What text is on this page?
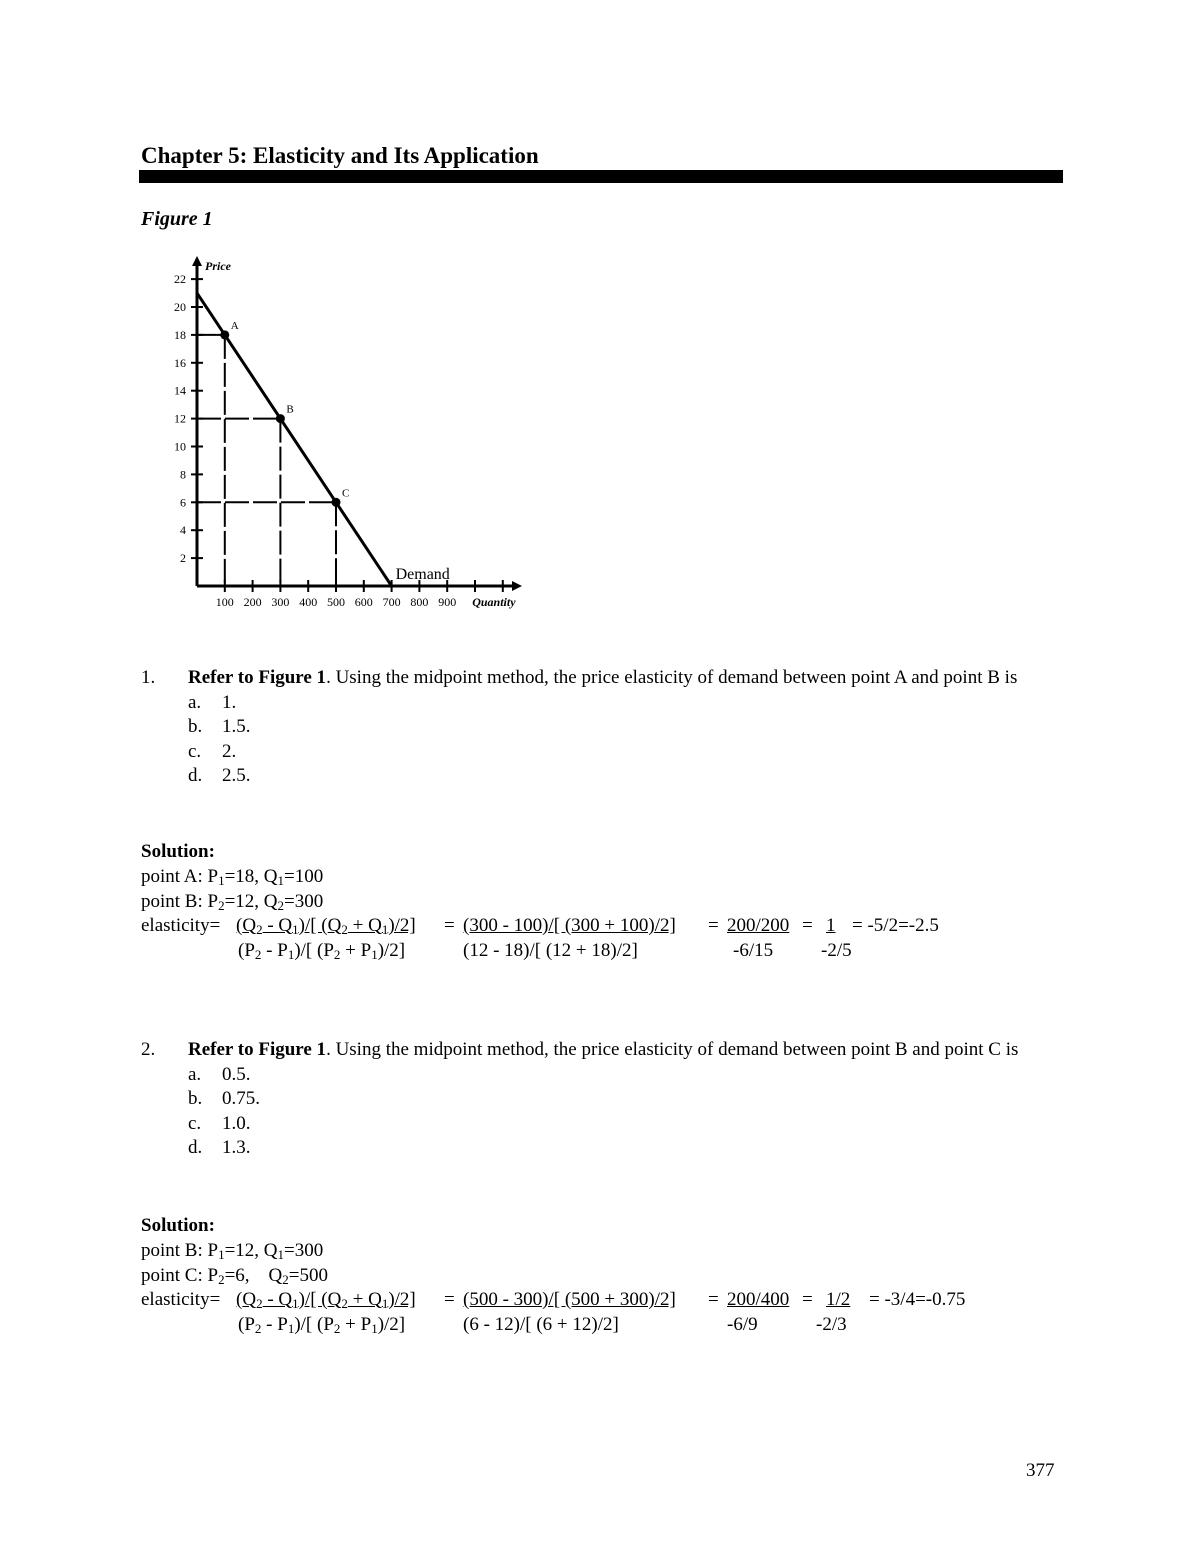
Chapter 5: Elasticity and Its Application
Figure 1
2
4
6
8
10
12
14
16
18
20
22
100 200 300 400 500 600 700 800 900
Price
Quantity
A
B
C
Demand
1. Refer to Figure 1. Using the midpoint method, the price elasticity of demand between point A and point B is
a. 1.
b. 1.5.
c. 2.
d. 2.5.
Solution:
point A: $P_1=18$, $Q_1=100$
point B: $P_2=12$, $Q_2=300$
elasticity= $(Q_2 - Q_1)/$[ $(Q_2 + Q_1)/2] = (300 - 100)/$[ (300 + 100)/2] = 200/200 = 1 = -5/2=-2.5
$(P_2 - P_1)/$[ $(P_2 + P_1)/2$]	(12 - 18)/[ (12 + 18)/2]	-6/15	-2/5
2. Refer to Figure 1. Using the midpoint method, the price elasticity of demand between point B and point C is
a. 0.5.
b. 0.75.
c. 1.0.
d. 1.3.
Solution:
point B: $P_1=12$, $Q_1=300$
point C: $P_2=6$,    $Q_2=500$
elasticity= $(Q_2 - Q_1)/$[ $(Q_2 + Q_1)/2] = (500 - 300)/$[ (500 + 300)/2] = 200/400 = 1/2 = -3/4=-0.75
$(P_2 - P_1)/$[ $(P_2 + P_1)/2$]	(6 - 12)/[ (6 + 12)/2]	-6/9	-2/3
377
